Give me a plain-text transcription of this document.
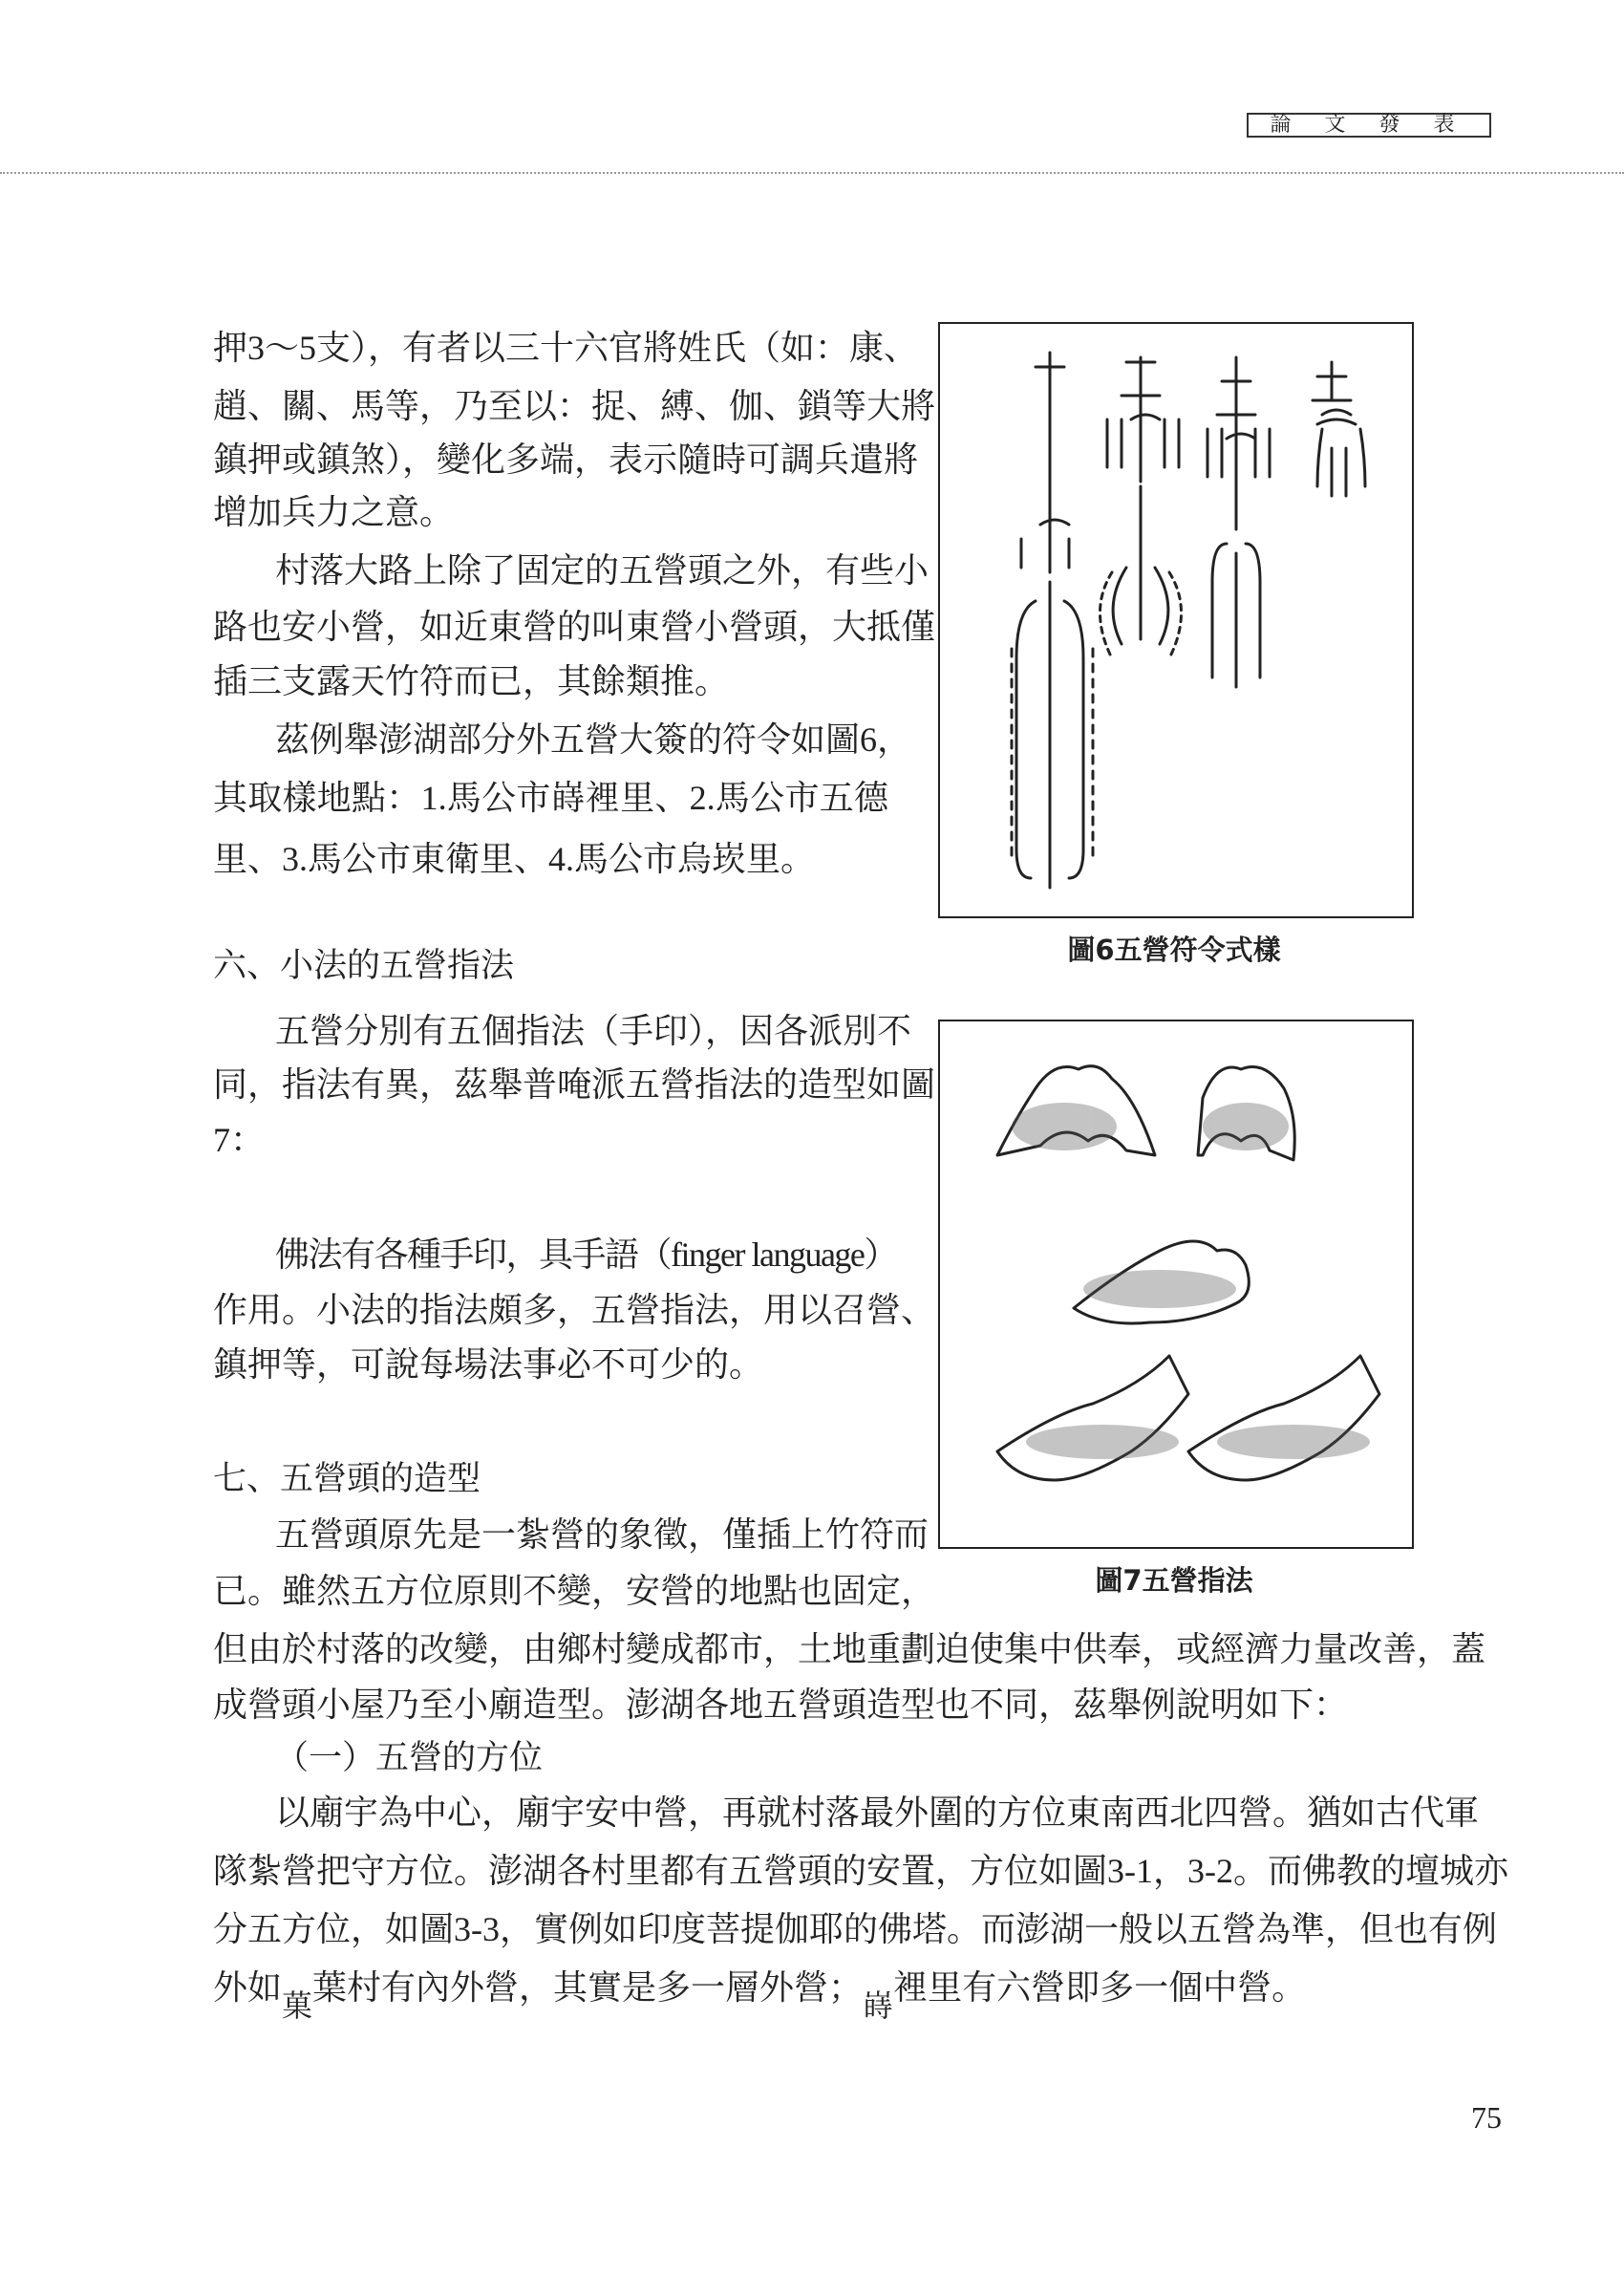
論 文 發 表
押3～5支），有者以三十六官將姓氏（如：康、
趙、關、馬等，乃至以：捉、縛、伽、鎖等大將
鎮押或鎮煞），變化多端，表示隨時可調兵遣將
增加兵力之意。
村落大路上除了固定的五營頭之外，有些小
路也安小營，如近東營的叫東營小營頭，大抵僅
插三支露天竹符而已，其餘類推。
茲例舉澎湖部分外五營大簽的符令如圖6，
其取樣地點：1.馬公市嵵裡里、2.馬公市五德
里、3.馬公市東衛里、4.馬公市烏崁里。
六、小法的五營指法
五營分別有五個指法（手印），因各派別不
同，指法有異，茲舉普唵派五營指法的造型如圖
7：
佛法有各種手印，具手語（finger language）
作用。小法的指法頗多，五營指法，用以召營、
鎮押等，可說每場法事必不可少的。
七、五營頭的造型
五營頭原先是一紮營的象徵，僅插上竹符而
已。雖然五方位原則不變，安營的地點也固定，
但由於村落的改變，由鄉村變成都市，土地重劃迫使集中供奉，或經濟力量改善，蓋
成營頭小屋乃至小廟造型。澎湖各地五營頭造型也不同，茲舉例說明如下：
（一）五營的方位
以廟宇為中心，廟宇安中營，再就村落最外圍的方位東南西北四營。猶如古代軍
隊紮營把守方位。澎湖各村里都有五營頭的安置，方位如圖3-1，3-2。而佛教的壇城亦
分五方位，如圖3-3，實例如印度菩提伽耶的佛塔。而澎湖一般以五營為準，但也有例
外如$_菓$葉村有內外營，其實是多一層外營；$_嵵$裡里有六營即多一個中營。
圖6五營符令式樣
圖7五營指法
75
